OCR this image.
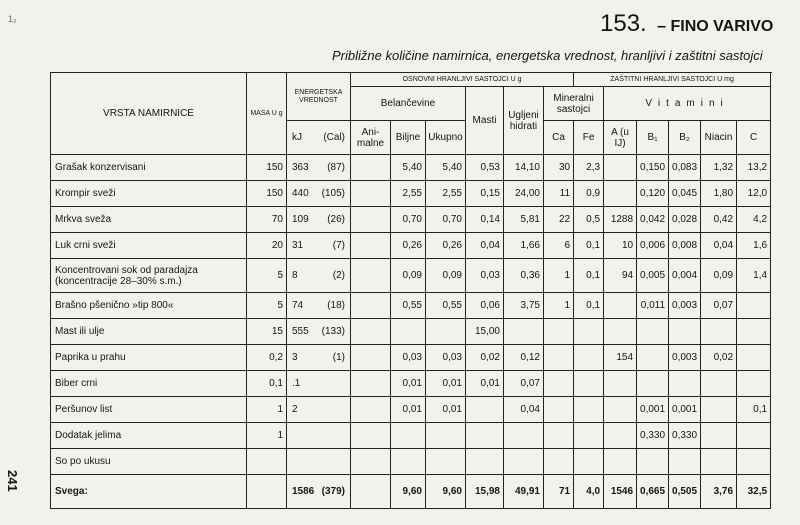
1₂
241
153. – FINO VARIVO
Približne količine namirnica, energetska vrednost, hranljivi i zaštitni sastojci
VRSTA NAMIRNICE	MASA U g	ENERGETSKA VREDNOST	OSNOVNI HRANLJIVI SASTOJCI U g						ZAŠTITNI HRANLJIVI SASTOJCI U mg					
			Belančevine			Masti	Ugljeni hidrati	Mineralni sastojci		Vitamini				

		kJ (Cal)	Ani-malne	Biljne	Ukupno			Ca	Fe	A (u IJ)	B₁	B₂	Niacin	C
Grašak konzervisani	150	363 (87)		5,40	5,40	0,53	14,10	30	2,3		0,150	0,083	1,32	13,2
Krompir sveži	150	440 (105)		2,55	2,55	0,15	24,00	11	0,9		0,120	0,045	1,80	12,0
Mrkva sveža	70	109 (26)		0,70	0,70	0,14	5,81	22	0,5	1288	0,042	0,028	0,42	4,2
Luk crni sveži	20	31 (7)		0,26	0,26	0,04	1,66	6	0,1	10	0,006	0,008	0,04	1,6
Koncentrovani sok od paradajza (koncentracije 28–30% s.m.)	5	8 (2)		0,09	0,09	0,03	0,36	1	0,1	94	0,005	0,004	0,09	1,4
Brašno pšenično »tip 800«	5	74 (18)		0,55	0,55	0,06	3,75	1	0,1		0,011	0,003	0,07	
Mast ili ulje	15	555 (133)				15,00								
Paprika u prahu	0,2	3 (1)		0,03	0,03	0,02	0,12			154		0,003	0,02	
Biber crni	0,1	.1		0,01	0,01	0,01	0,07							
Peršunov list	1	2		0,01	0,01		0,04				0,001	0,001		0,1
Dodatak jelima	1										0,330	0,330		
So po ukusu		

Svega:		1586 (379)		9,60	9,60	15,98	49,91	71	4,0	1546	0,665	0,505	3,76	32,5
